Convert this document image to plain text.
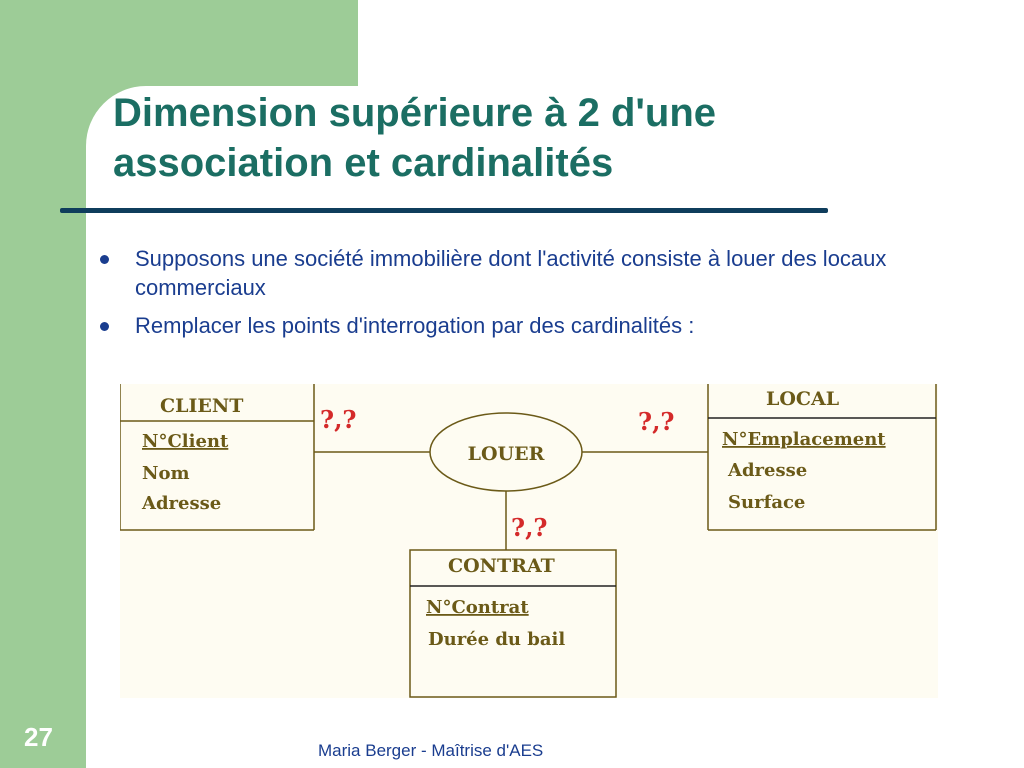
Dimension supérieure à 2 d'une
association et cardinalités
Supposons une société immobilière dont l'activité consiste à louer des locaux commerciaux
Remplacer les points d'interrogation par des cardinalités :
CLIENT
N°Client
Nom
Adresse
LOCAL
N°Emplacement
Adresse
Surface
CONTRAT
N°Contrat
Durée du bail
LOUER
?,?	?,?
?,?
Maria Berger - Maîtrise d'AES
27
